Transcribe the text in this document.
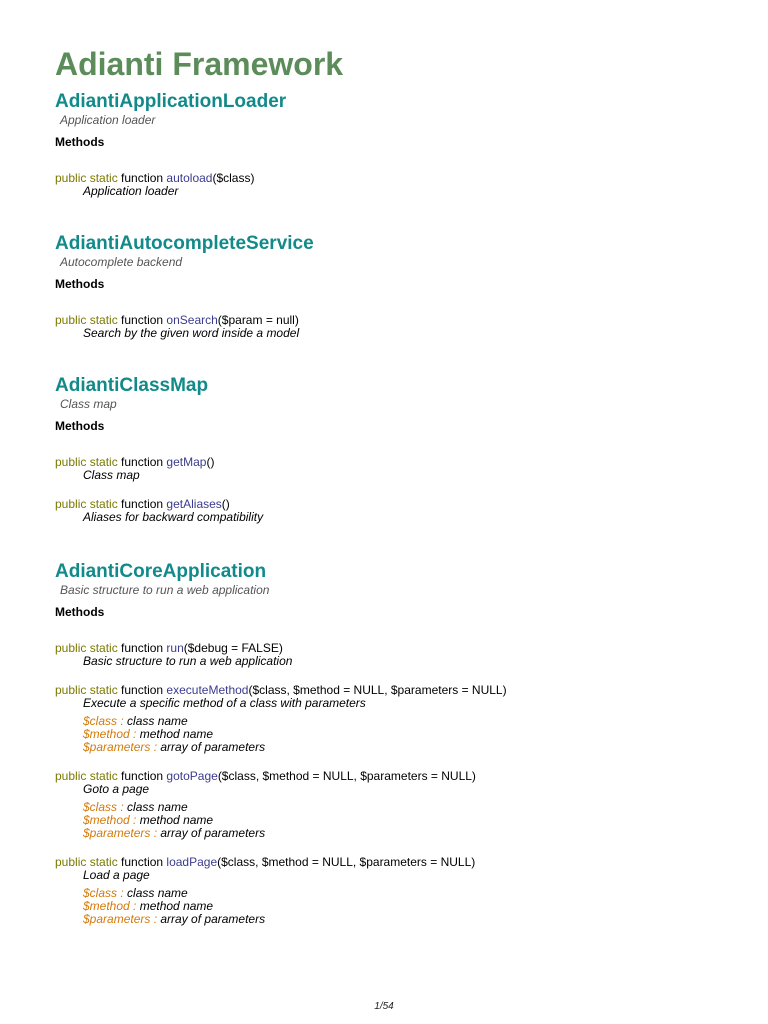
Adianti Framework
AdiantiApplicationLoader
Application loader
Methods
public static function autoload($class)
Application loader
AdiantiAutocompleteService
Autocomplete backend
Methods
public static function onSearch($param = null)
Search by the given word inside a model
AdiantiClassMap
Class map
Methods
public static function getMap()
Class map
public static function getAliases()
Aliases for backward compatibility
AdiantiCoreApplication
Basic structure to run a web application
Methods
public static function run($debug = FALSE)
Basic structure to run a web application
public static function executeMethod($class, $method = NULL, $parameters = NULL)
Execute a specific method of a class with parameters
$class : class name
$method : method name
$parameters : array of parameters
public static function gotoPage($class, $method = NULL, $parameters = NULL)
Goto a page
$class : class name
$method : method name
$parameters : array of parameters
public static function loadPage($class, $method = NULL, $parameters = NULL)
Load a page
$class : class name
$method : method name
$parameters : array of parameters
1/54
